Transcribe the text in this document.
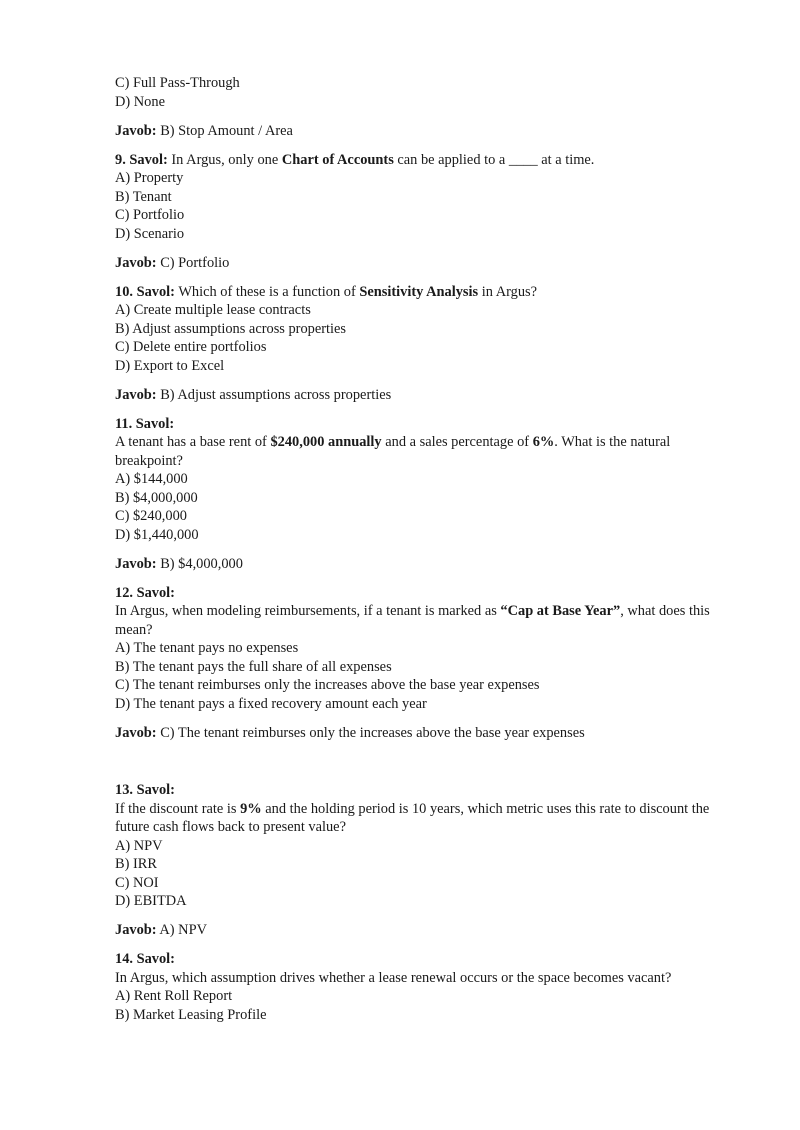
C) Full Pass-Through

D) None

Javob: B) Stop Amount / Area

9. Savol: In Argus, only one Chart of Accounts can be applied to a ____ at a time.

A) Property

B) Tenant

C) Portfolio

D) Scenario

Javob: C) Portfolio

10. Savol: Which of these is a function of Sensitivity Analysis in Argus?

A) Create multiple lease contracts

B) Adjust assumptions across properties

C) Delete entire portfolios

D) Export to Excel

Javob: B) Adjust assumptions across properties

11. Savol:

A tenant has a base rent of $240,000 annually and a sales percentage of 6%. What is the natural breakpoint?

A) $144,000

B) $4,000,000

C) $240,000

D) $1,440,000

Javob: B) $4,000,000

12. Savol:

In Argus, when modeling reimbursements, if a tenant is marked as “Cap at Base Year”, what does this mean?

A) The tenant pays no expenses

B) The tenant pays the full share of all expenses

C) The tenant reimburses only the increases above the base year expenses

D) The tenant pays a fixed recovery amount each year

Javob: C) The tenant reimburses only the increases above the base year expenses

13. Savol:

If the discount rate is 9% and the holding period is 10 years, which metric uses this rate to discount the future cash flows back to present value?

A) NPV

B) IRR

C) NOI

D) EBITDA

Javob: A) NPV

14. Savol:

In Argus, which assumption drives whether a lease renewal occurs or the space becomes vacant?

A) Rent Roll Report

B) Market Leasing Profile
